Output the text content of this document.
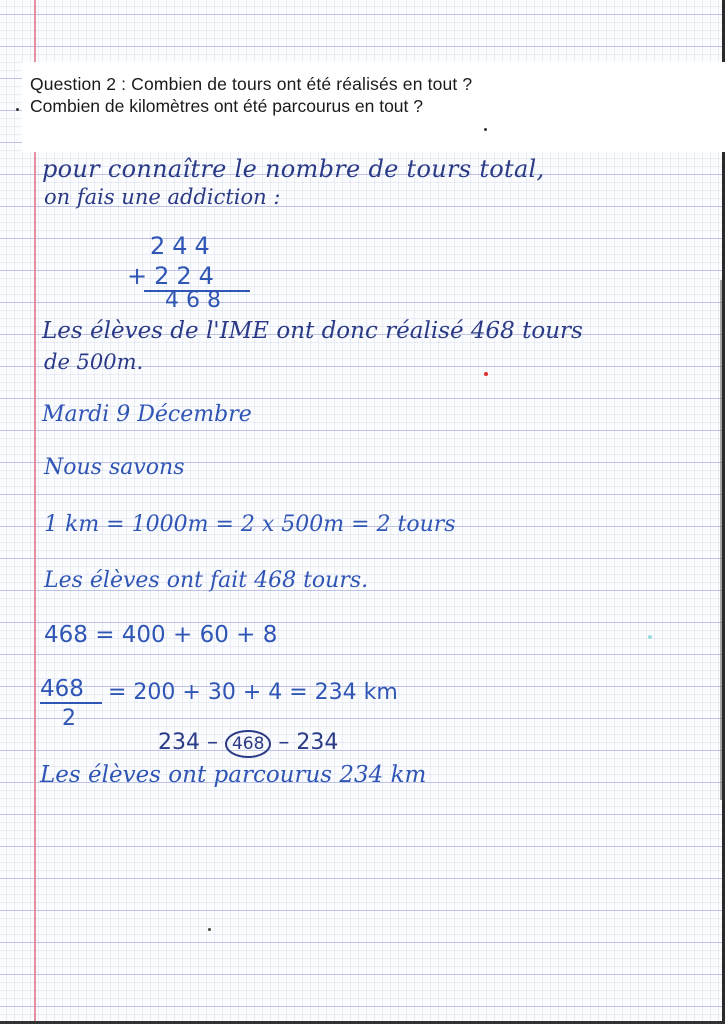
Question 2 : Combien de tours ont été réalisés en tout ?
Combien de kilomètres ont été parcourus en tout ?
pour connaître le nombre de tours total,
on fais une addiction :
244
+224
468
Les élèves de l'IME ont donc réalisé 468 tours
de 500m.
Mardi 9 Décembre
Nous savons
1 km = 1000m = 2 x 500m = 2 tours
Les élèves ont fait 468 tours.
468 = 400 + 60 + 8
468
2
= 200 + 30 + 4 = 234 km
234 – 468 – 234
Les élèves ont parcourus 234 km
